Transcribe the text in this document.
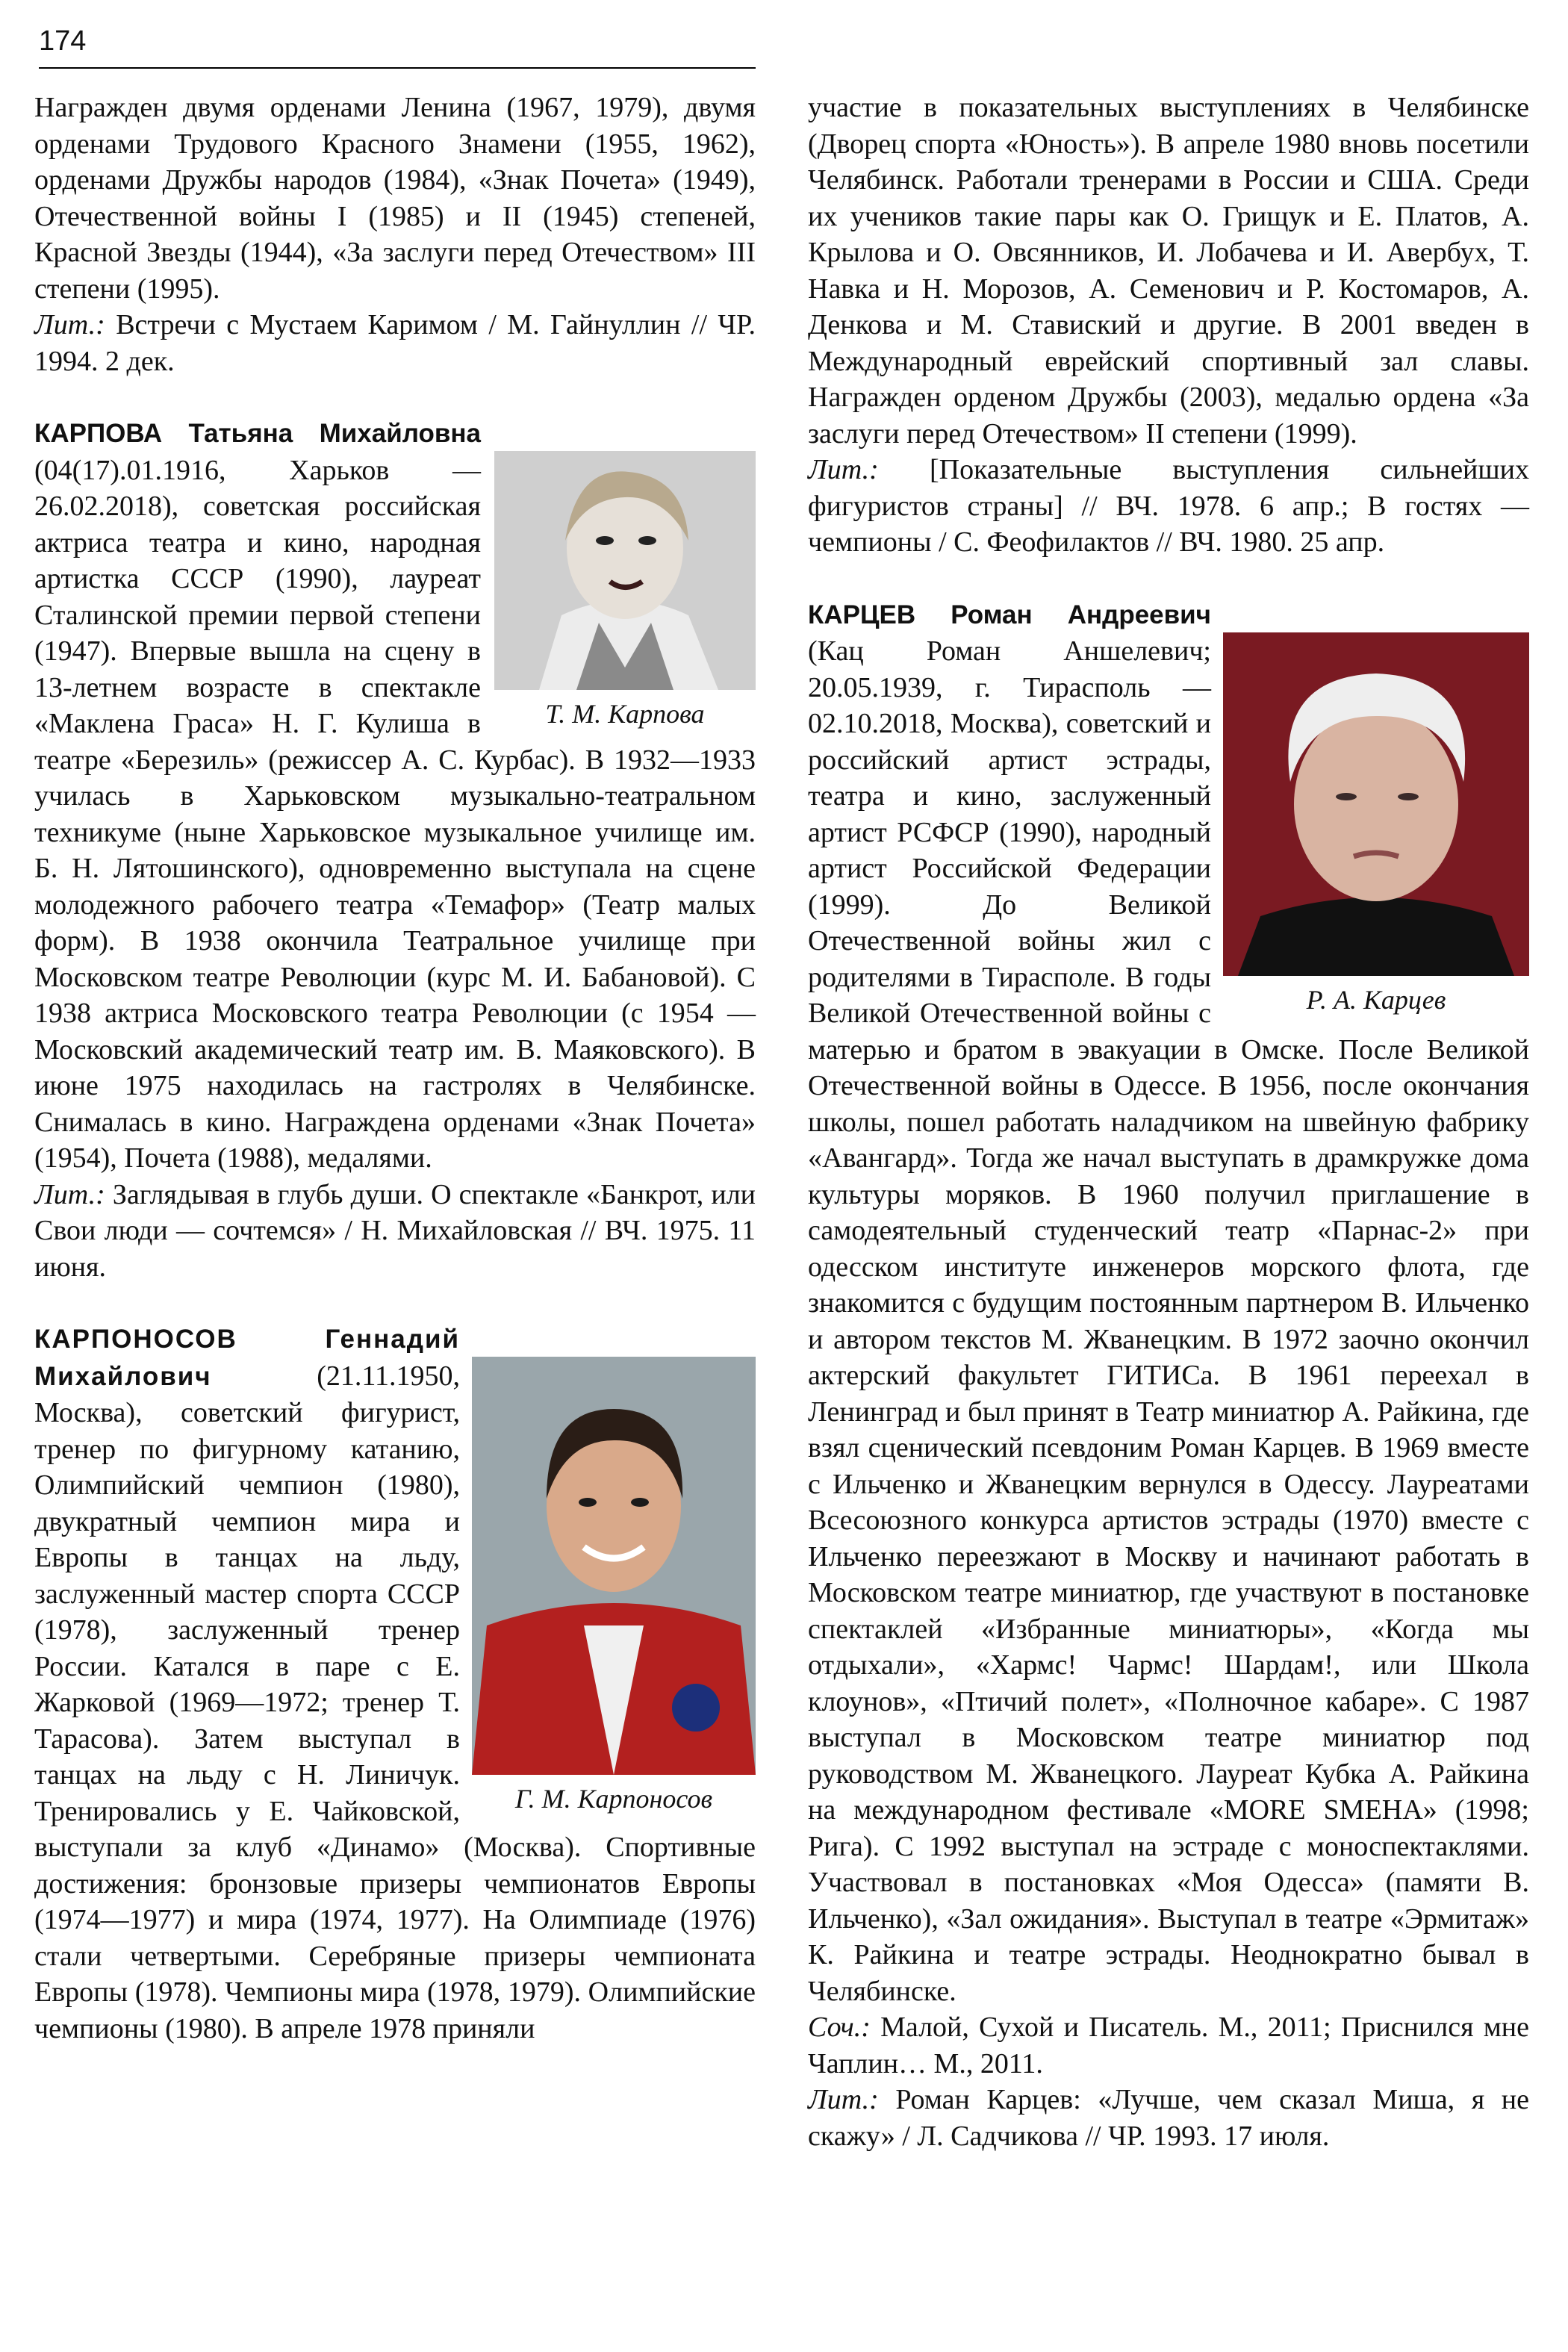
174

Награжден двумя орденами Ленина (1967, 1979), двумя орденами Трудового Красного Знамени (1955, 1962), орденами Дружбы народов (1984), «Знак Почета» (1949), Отечественной войны I (1985) и II (1945) степеней, Красной Звезды (1944), «За заслуги перед Отечеством» III степени (1995).

Лит.: Встречи с Мустаем Каримом / М. Гайнуллин // ЧР. 1994. 2 дек.

Т. М. Карпова

КАРПОВА Татьяна Михайловна (04(17).01.1916, Харьков — 26.02.2018), советская российская актриса театра и кино, народная артистка СССР (1990), лауреат Сталинской премии первой степени (1947). Впервые вышла на сцену в 13-летнем возрасте в спектакле «Маклена Граса» Н. Г. Кулиша в театре «Березиль» (режиссер А. С. Курбас). В 1932—1933 училась в Харьковском музыкально-театральном техникуме (ныне Харьковское музыкальное училище им. Б. Н. Лятошинского), одновременно выступала на сцене молодежного рабочего театра «Темафор» (Театр малых форм). В 1938 окончила Театральное училище при Московском театре Революции (курс М. И. Бабановой). С 1938 актриса Московского театра Революции (с 1954 — Московский академический театр им. В. Маяковского). В июне 1975 находилась на гастролях в Челябинске. Снималась в кино. Награждена орденами «Знак Почета» (1954), Почета (1988), медалями.

Лит.: Заглядывая в глубь души. О спектакле «Банкрот, или Свои люди — сочтемся» / Н. Михайловская // ВЧ. 1975. 11 июня.

Г. М. Карпоносов

КАРПОНОСОВ Геннадий Михайлович (21.11.1950, Москва), советский фигурист, тренер по фигурному катанию, Олимпийский чемпион (1980), двукратный чемпион мира и Европы в танцах на льду, заслуженный мастер спорта СССР (1978), заслуженный тренер России. Катался в паре с Е. Жарковой (1969—1972; тренер Т. Тарасова). Затем выступал в танцах на льду с Н. Линичук. Тренировались у Е. Чайковской, выступали за клуб «Динамо» (Москва). Спортивные достижения: бронзовые призеры чемпионатов Европы (1974—1977) и мира (1974, 1977). На Олимпиаде (1976) стали четвертыми. Серебряные призеры чемпионата Европы (1978). Чемпионы мира (1978, 1979). Олимпийские чемпионы (1980). В апреле 1978 приняли

участие в показательных выступлениях в Челябинске (Дворец спорта «Юность»). В апреле 1980 вновь посетили Челябинск. Работали тренерами в России и США. Среди их учеников такие пары как О. Грищук и Е. Платов, А. Крылова и О. Овсянников, И. Лобачева и И. Авербух, Т. Навка и Н. Морозов, А. Семенович и Р. Костомаров, А. Денкова и М. Ставиский и другие. В 2001 введен в Международный еврейский спортивный зал славы. Награжден орденом Дружбы (2003), медалью ордена «За заслуги перед Отечеством» II степени (1999).

Лит.: [Показательные выступления сильнейших фигуристов страны] // ВЧ. 1978. 6 апр.; В гостях — чемпионы / С. Феофилактов // ВЧ. 1980. 25 апр.

Р. А. Карцев

КАРЦЕВ Роман Андреевич (Кац Роман Аншелевич; 20.05.1939, г. Тирасполь — 02.10.2018, Москва), советский и российский артист эстрады, театра и кино, заслуженный артист РСФСР (1990), народный артист Российской Федерации (1999). До Великой Отечественной войны жил с родителями в Тирасполе. В годы Великой Отечественной войны с матерью и братом в эвакуации в Омске. После Великой Отечественной войны в Одессе. В 1956, после окончания школы, пошел работать наладчиком на швейную фабрику «Авангард». Тогда же начал выступать в драмкружке дома культуры моряков. В 1960 получил приглашение в самодеятельный студенческий театр «Парнас-2» при одесском институте инженеров морского флота, где знакомится с будущим постоянным партнером В. Ильченко и автором текстов М. Жванецким. В 1972 заочно окончил актерский факультет ГИТИСа. В 1961 переехал в Ленинград и был принят в Театр миниатюр А. Райкина, где взял сценический псевдоним Роман Карцев. В 1969 вместе с Ильченко и Жванецким вернулся в Одессу. Лауреатами Всесоюзного конкурса артистов эстрады (1970) вместе с Ильченко переезжают в Москву и начинают работать в Московском театре миниатюр, где участвуют в постановке спектаклей «Избранные миниатюры», «Когда мы отдыхали», «Хармс! Чармс! Шардам!, или Школа клоунов», «Птичий полет», «Полночное кабаре». С 1987 выступал в Московском театре миниатюр под руководством М. Жванецкого. Лауреат Кубка А. Райкина на международном фестивале «MORE SMEHA» (1998; Рига). С 1992 выступал на эстраде с моноспектаклями. Участвовал в постановках «Моя Одесса» (памяти В. Ильченко), «Зал ожидания». Выступал в театре «Эрмитаж» К. Райкина и театре эстрады. Неоднократно бывал в Челябинске.

Соч.: Малой, Сухой и Писатель. М., 2011; Приснился мне Чаплин… М., 2011.

Лит.: Роман Карцев: «Лучше, чем сказал Миша, я не скажу» / Л. Садчикова // ЧР. 1993. 17 июля.
